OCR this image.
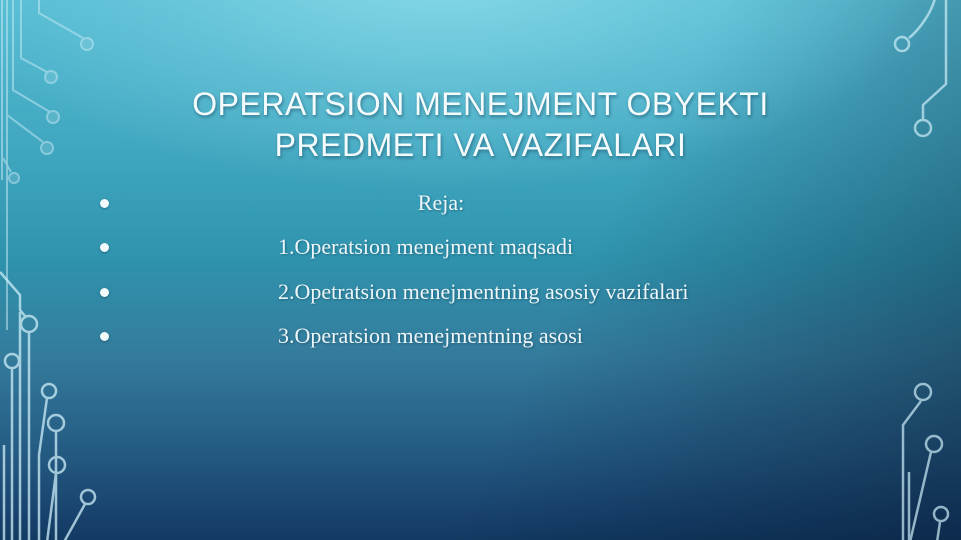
OPERATSION MENEJMENT OBYEKTI
PREDMETI VA VAZIFALARI
Reja:
1.Operatsion menejment maqsadi
2.Opetratsion menejmentning asosiy vazifalari
3.Operatsion menejmentning asosi
